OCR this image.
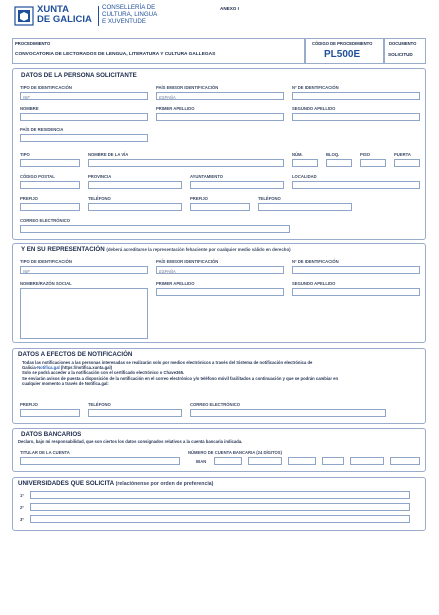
XUNTA
DE GALICIA
CONSELLERÍA DE
CULTURA, LINGUA
E XUVENTUDE
ANEXO I
PROCEDIMIENTO
CONVOCATORIA DE LECTORADOS DE LENGUA, LITERATURA Y CULTURA GALLEGAS
CÓDIGO DE PROCEDIMIENTO
PL500E
DOCUMENTO
SOLICITUD
DATOS DE LA PERSONA SOLICITANTE
TIPO DE IDENTIFICACIÓN
NIF
PAÍS EMISOR IDENTIFICACIÓN
ESPAÑA
Nº DE IDENTIFICACIÓN
NOMBRE	PRIMER APELLIDO	SEGUNDO APELLIDO
PAÍS DE RESIDENCIA
TIPO	NOMBRE DE LA VÍA	NÚM.	BLOQ.	PISO	PUERTA
CÓDIGO POSTAL	PROVINCIA	AYUNTAMIENTO	LOCALIDAD
PREFIJO	TELÉFONO	PREFIJO	TELÉFONO
CORREO ELECTRÓNICO
Y EN SU REPRESENTACIÓN (deberá acreditarse la representación fehaciente por cualquier medio válido en derecho)
TIPO DE IDENTIFICACIÓN
NIF
PAÍS EMISOR IDENTIFICACIÓN
ESPAÑA
Nº DE IDENTIFICACIÓN
NOMBRE/RAZÓN SOCIAL	PRIMER APELLIDO	SEGUNDO APELLIDO
DATOS A EFECTOS DE NOTIFICACIÓN
Todas las notificaciones a las personas interesadas se realizarán solo por medios electrónicos a través del Sistema de notificación electrónica de
Galicia-Notifica.gal (https://notifica.xunta.gal)
Solo se podrá acceder a la notificación con el certificado electrónico o Chave365.
Se enviarán avisos de puesta a disposición de la notificación en el correo electrónico y/o teléfono móvil facilitados a continuación y que se podrán cambiar en
cualquier momento a través de Notifica.gal:
PREFIJO	TELÉFONO	CORREO ELECTRÓNICO
DATOS BANCARIOS
Declaro, bajo mi responsabilidad, que son ciertos los datos consignados relativos a la cuenta bancaria indicada.
TITULAR DE LA CUENTA	NÚMERO DE CUENTA BANCARIA (24 DÍGITOS)
IBAN
UNIVERSIDADES QUE SOLICITA (relaciónense por orden de preferencia)
1º
2º
3º
